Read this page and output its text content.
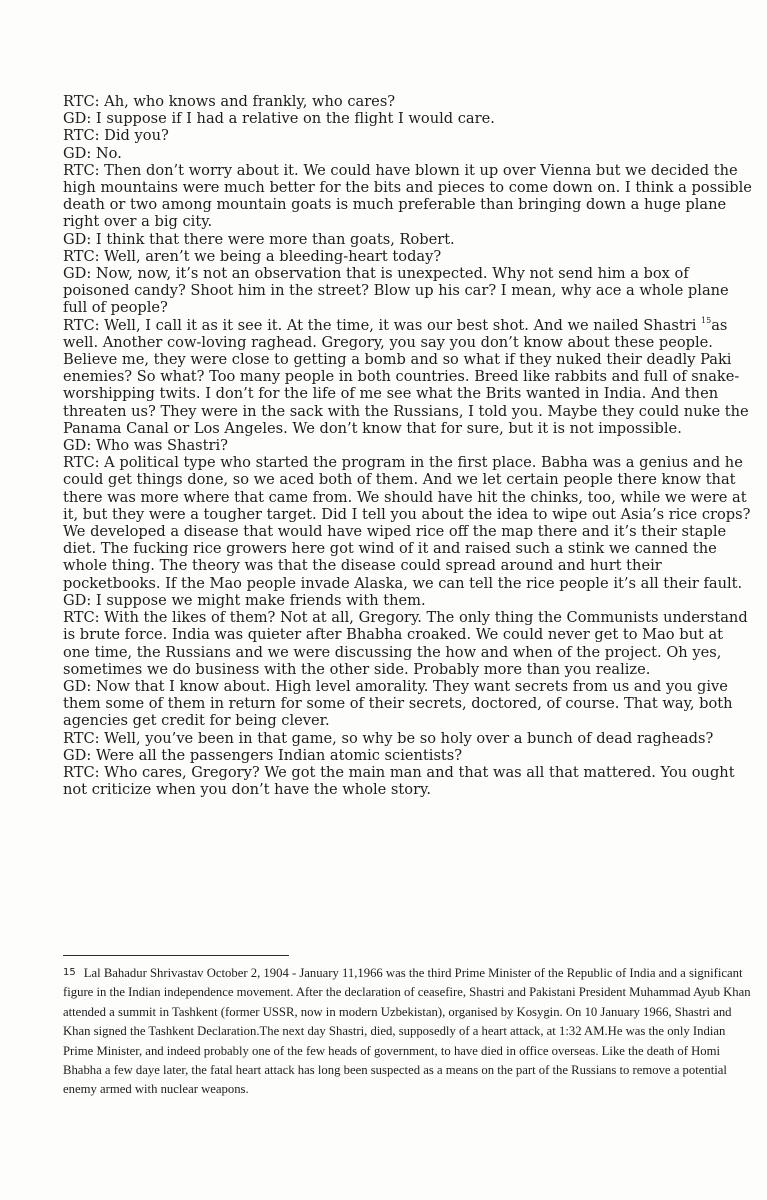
RTC: Ah, who knows and frankly, who cares?

GD: I suppose if I had a relative on the flight I would care.

RTC: Did you?

GD: No.

RTC: Then don’t worry about it. We could have blown it up over Vienna but we decided the high mountains were much better for the bits and pieces to come down on. I think a possible death or two among mountain goats is much preferable than bringing down a huge plane right over a big city.

GD: I think that there were more than goats, Robert.

RTC: Well, aren’t we being a bleeding-heart today?

GD: Now, now, it’s not an observation that is unexpected. Why not send him a box of poisoned candy? Shoot him in the street? Blow up his car? I mean, why ace a whole plane full of people?

RTC: Well, I call it as it see it. At the time, it was our best shot. And we nailed Shastri $^{15}$as well. Another cow-loving raghead. Gregory, you say you don’t know about these people. Believe me, they were close to getting a bomb and so what if they nuked their deadly Paki enemies? So what? Too many people in both countries. Breed like rabbits and full of snake-worshipping twits. I don’t for the life of me see what the Brits wanted in India. And then threaten us? They were in the sack with the Russians, I told you. Maybe they could nuke the Panama Canal or Los Angeles. We don’t know that for sure, but it is not impossible.

GD: Who was Shastri?

RTC: A political type who started the program in the first place. Babha was a genius and he could get things done, so we aced both of them. And we let certain people there know that there was more where that came from. We should have hit the chinks, too, while we were at it, but they were a tougher target. Did I tell you about the idea to wipe out Asia’s rice crops? We developed a disease that would have wiped rice off the map there and it’s their staple diet. The fucking rice growers here got wind of it and raised such a stink we canned the whole thing. The theory was that the disease could spread around and hurt their pocketbooks. If the Mao people invade Alaska, we can tell the rice people it’s all their fault.

GD: I suppose we might make friends with them.

RTC: With the likes of them? Not at all, Gregory. The only thing the Communists understand is brute force. India was quieter after Bhabha croaked. We could never get to Mao but at one time, the Russians and we were discussing the how and when of the project. Oh yes, sometimes we do business with the other side. Probably more than you realize.

GD: Now that I know about. High level amorality. They want secrets from us and you give them some of them in return for some of their secrets, doctored, of course. That way, both agencies get credit for being clever.

RTC: Well, you’ve been in that game, so why be so holy over a bunch of dead ragheads?

GD: Were all the passengers Indian atomic scientists?

RTC: Who cares, Gregory? We got the main man and that was all that mattered. You ought not criticize when you don’t have the whole story.

$^{15}$ Lal Bahadur Shrivastav October 2, 1904 - January 11,1966 was the third Prime Minister of the Republic of India and a significant figure in the Indian independence movement. After the declaration of ceasefire, Shastri and Pakistani President Muhammad Ayub Khan attended a summit in Tashkent (former USSR, now in modern Uzbekistan), organised by Kosygin. On 10 January 1966, Shastri and Khan signed the Tashkent Declaration.The next day Shastri, died, supposedly of a heart attack, at 1:32 AM.He was the only Indian Prime Minister, and indeed probably one of the few heads of government, to have died in office overseas. Like the death of Homi Bhabha a few daye later, the fatal heart attack has long been suspected as a means on the part of the Russians to remove a potential enemy armed with nuclear weapons.
